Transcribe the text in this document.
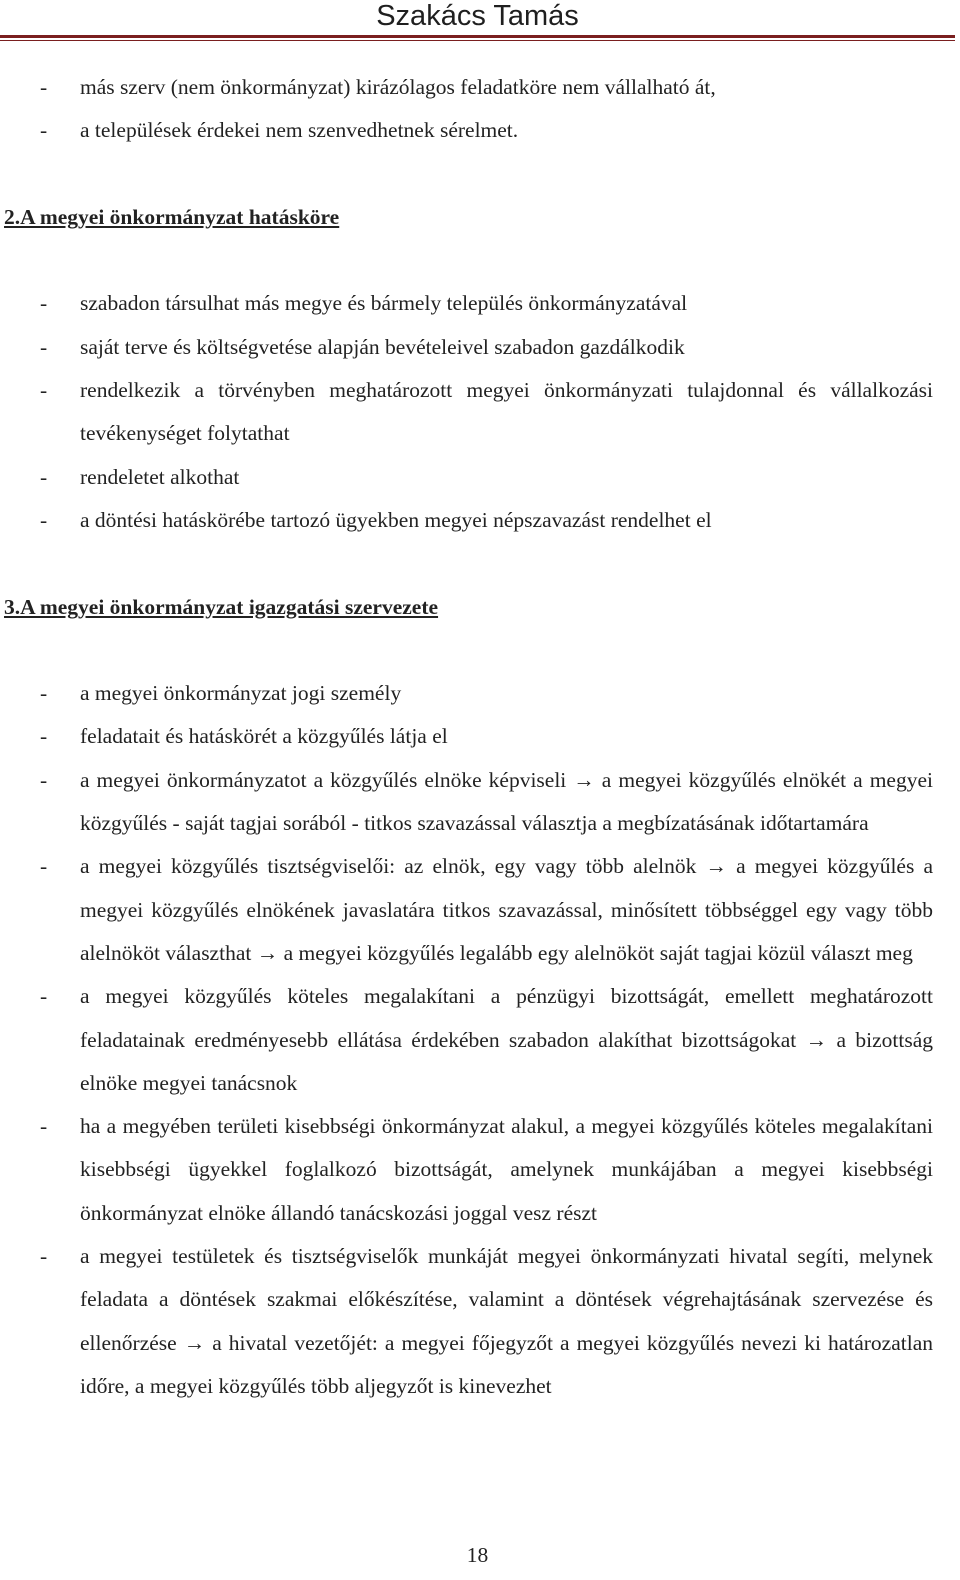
Szakács Tamás
- más szerv (nem önkormányzat) kirázólagos feladatköre nem vállalható át,
- a települések érdekei nem szenvedhetnek sérelmet.
2.A megyei önkormányzat hatásköre
- szabadon társulhat más megye és bármely település önkormányzatával
- saját terve és költségvetése alapján bevételeivel szabadon gazdálkodik
- rendelkezik a törvényben meghatározott megyei önkormányzati tulajdonnal és vállalkozási tevékenységet folytathat
- rendeletet alkothat
- a döntési hatáskörébe tartozó ügyekben megyei népszavazást rendelhet el
3.A megyei önkormányzat igazgatási szervezete
- a megyei önkormányzat jogi személy
- feladatait és hatáskörét a közgyűlés látja el
- a megyei önkormányzatot a közgyűlés elnöke képviseli → a megyei közgyűlés elnökét a megyei közgyűlés - saját tagjai sorából - titkos szavazással választja a megbízatásának időtartamára
- a megyei közgyűlés tisztségviselői: az elnök, egy vagy több alelnök → a megyei közgyűlés a megyei közgyűlés elnökének javaslatára titkos szavazással, minősített többséggel egy vagy több alelnököt választhat → a megyei közgyűlés legalább egy alelnököt saját tagjai közül választ meg
- a megyei közgyűlés köteles megalakítani a pénzügyi bizottságát, emellett meghatározott feladatainak eredményesebb ellátása érdekében szabadon alakíthat bizottságokat → a bizottság elnöke megyei tanácsnok
- ha a megyében területi kisebbségi önkormányzat alakul, a megyei közgyűlés köteles megalakítani kisebbségi ügyekkel foglalkozó bizottságát, amelynek munkájában a megyei kisebbségi önkormányzat elnöke állandó tanácskozási joggal vesz részt
- a megyei testületek és tisztségviselők munkáját megyei önkormányzati hivatal segíti, melynek feladata a döntések szakmai előkészítése, valamint a döntések végrehajtásának szervezése és ellenőrzése → a hivatal vezetőjét: a megyei főjegyzőt a megyei közgyűlés nevezi ki határozatlan időre, a megyei közgyűlés több aljegyzőt is kinevezhet
18
